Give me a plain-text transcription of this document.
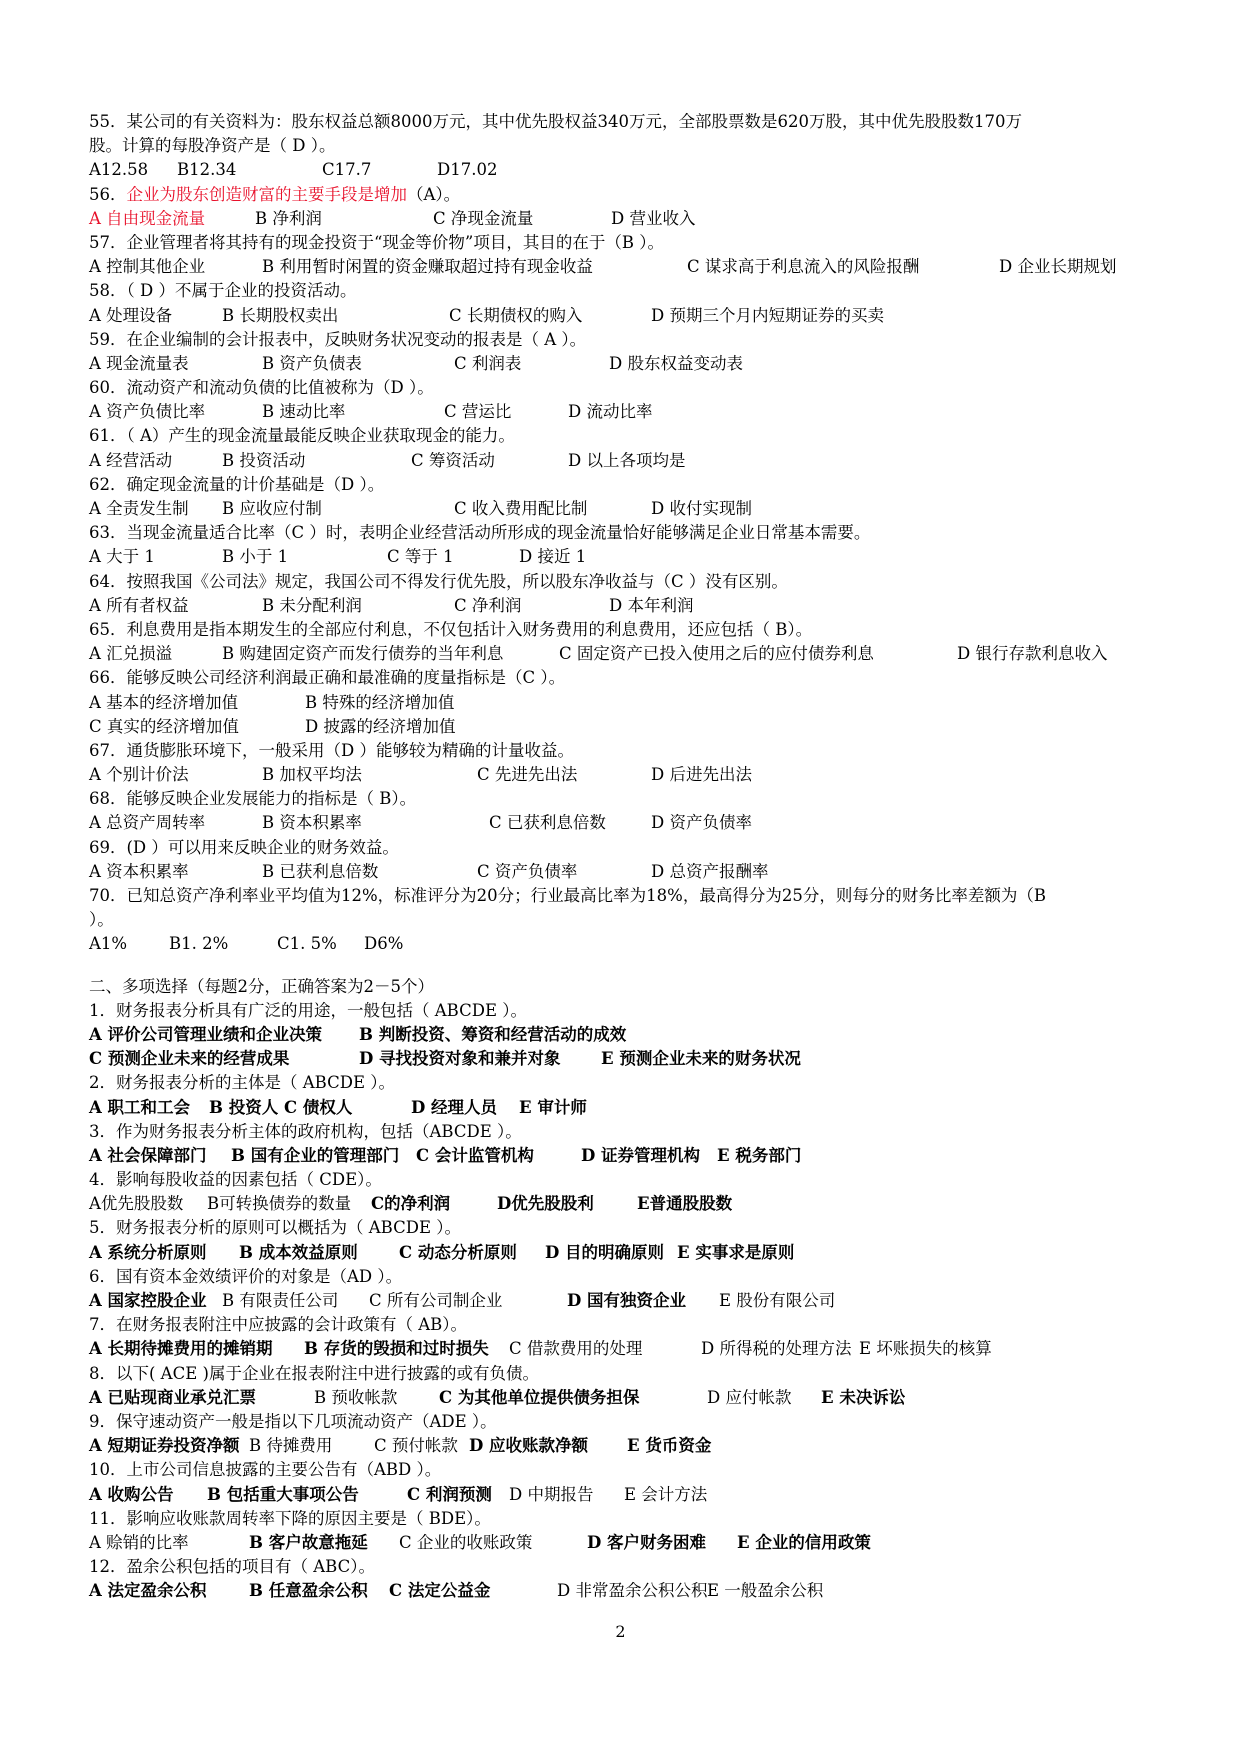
55．某公司的有关资料为：股东权益总额8000万元，其中优先股权益340万元，全部股票数是620万股，其中优先股股数170万
股。计算的每股净资产是（ D ）。
A12.58 B12.34	C17.7	D17.02
56．企业为股东创造财富的主要手段是增加（A）。
A 自由现金流量	B 净利润	C 净现金流量	D 营业收入
57．企业管理者将其持有的现金投资于“现金等价物”项目，其目的在于（B ）。
A 控制其他企业	B 利用暂时闲置的资金赚取超过持有现金收益	C 谋求高于利息流入的风险报酬	D 企业长期规划
58．（ D ）不属于企业的投资活动。
A 处理设备	B 长期股权卖出	C 长期债权的购入	D 预期三个月内短期证券的买卖
59．在企业编制的会计报表中，反映财务状况变动的报表是（ A ）。
A 现金流量表	B 资产负债表	C 利润表	D 股东权益变动表
60．流动资产和流动负债的比值被称为（D ）。
A 资产负债比率	B 速动比率	C 营运比	D 流动比率
61．（ A）产生的现金流量最能反映企业获取现金的能力。
A 经营活动	B 投资活动	C 筹资活动	D 以上各项均是
62．确定现金流量的计价基础是（D ）。
A 全责发生制 B 应收应付制	C 收入费用配比制	D 收付实现制
63．当现金流量适合比率（C ）时，表明企业经营活动所形成的现金流量恰好能够满足企业日常基本需要。
A 大于 1	B 小于 1	C 等于 1	D 接近 1
64．按照我国《公司法》规定，我国公司不得发行优先股，所以股东净收益与（C ）没有区别。
A 所有者权益	B 未分配利润	C 净利润	D 本年利润
65．利息费用是指本期发生的全部应付利息，不仅包括计入财务费用的利息费用，还应包括（ B）。
A 汇兑损溢	B 购建固定资产而发行债券的当年利息	C 固定资产已投入使用之后的应付债券利息	D 银行存款利息收入
66．能够反映公司经济利润最正确和最准确的度量指标是（C ）。
A 基本的经济增加值	B 特殊的经济增加值
C 真实的经济增加值	D 披露的经济增加值
67．通货膨胀环境下，一般采用（D ）能够较为精确的计量收益。
A 个别计价法	B 加权平均法	C 先进先出法	D 后进先出法
68．能够反映企业发展能力的指标是（ B）。
A 总资产周转率	B 资本积累率	C 已获利息倍数	D 资产负债率
69．(D ）可以用来反映企业的财务效益。
A 资本积累率	B 已获利息倍数	C 资产负债率	D 总资产报酬率
70．已知总资产净利率业平均值为12%，标准评分为20分；行业最高比率为18%，最高得分为25分，则每分的财务比率差额为（B
）。
A1%	B1. 2%	C1. 5% D6%
二、多项选择（每题2分，正确答案为2－5个）
1．财务报表分析具有广泛的用途，一般包括（ ABCDE ）。
A 评价公司管理业绩和企业决策 B 判断投资、筹资和经营活动的成效
C 预测企业未来的经营成果	D 寻找投资对象和兼并对象 E 预测企业未来的财务状况
2．财务报表分析的主体是（ ABCDE ）。
A 职工和工会 B 投资人 C 债权人	D 经理人员 E 审计师
3．作为财务报表分析主体的政府机构，包括（ABCDE ）。
A 社会保障部门 B 国有企业的管理部门 C 会计监管机构	D 证券管理机构 E 税务部门
4．影响每股收益的因素包括（ CDE）。
A优先股股数 B可转换债券的数量 C的净利润	D优先股股利	E普通股股数
5．财务报表分析的原则可以概括为（ ABCDE ）。
A 系统分析原则 B 成本效益原则	C 动态分析原则 D 目的明确原则 E 实事求是原则
6．国有资本金效绩评价的对象是（AD ）。
A 国家控股企业 B 有限责任公司 C 所有公司制企业	D 国有独资企业 E 股份有限公司
7．在财务报表附注中应披露的会计政策有（ AB）。
A 长期待摊费用的摊销期 B 存货的毁损和过时损失 C 借款费用的处理	D 所得税的处理方法 E 坏账损失的核算
8．以下( ACE )属于企业在报表附注中进行披露的或有负债。
A 已贴现商业承兑汇票	B 预收帐款	C 为其他单位提供债务担保	D 应付帐款 E 未决诉讼
9．保守速动资产一般是指以下几项流动资产（ADE ）。
A 短期证券投资净额 B 待摊费用	C 预付帐款 D 应收账款净额 E 货币资金
10．上市公司信息披露的主要公告有（ABD ）。
A 收购公告 B 包括重大事项公告	C 利润预测 D 中期报告 E 会计方法
11．影响应收账款周转率下降的原因主要是（ BDE）。
A 赊销的比率	B 客户故意拖延 C 企业的收账政策	D 客户财务困难 E 企业的信用政策
12．盈余公积包括的项目有（ ABC）。
A 法定盈余公积	B 任意盈余公积 C 法定公益金	D 非常盈余公积公积 E 一般盈余公积
2
